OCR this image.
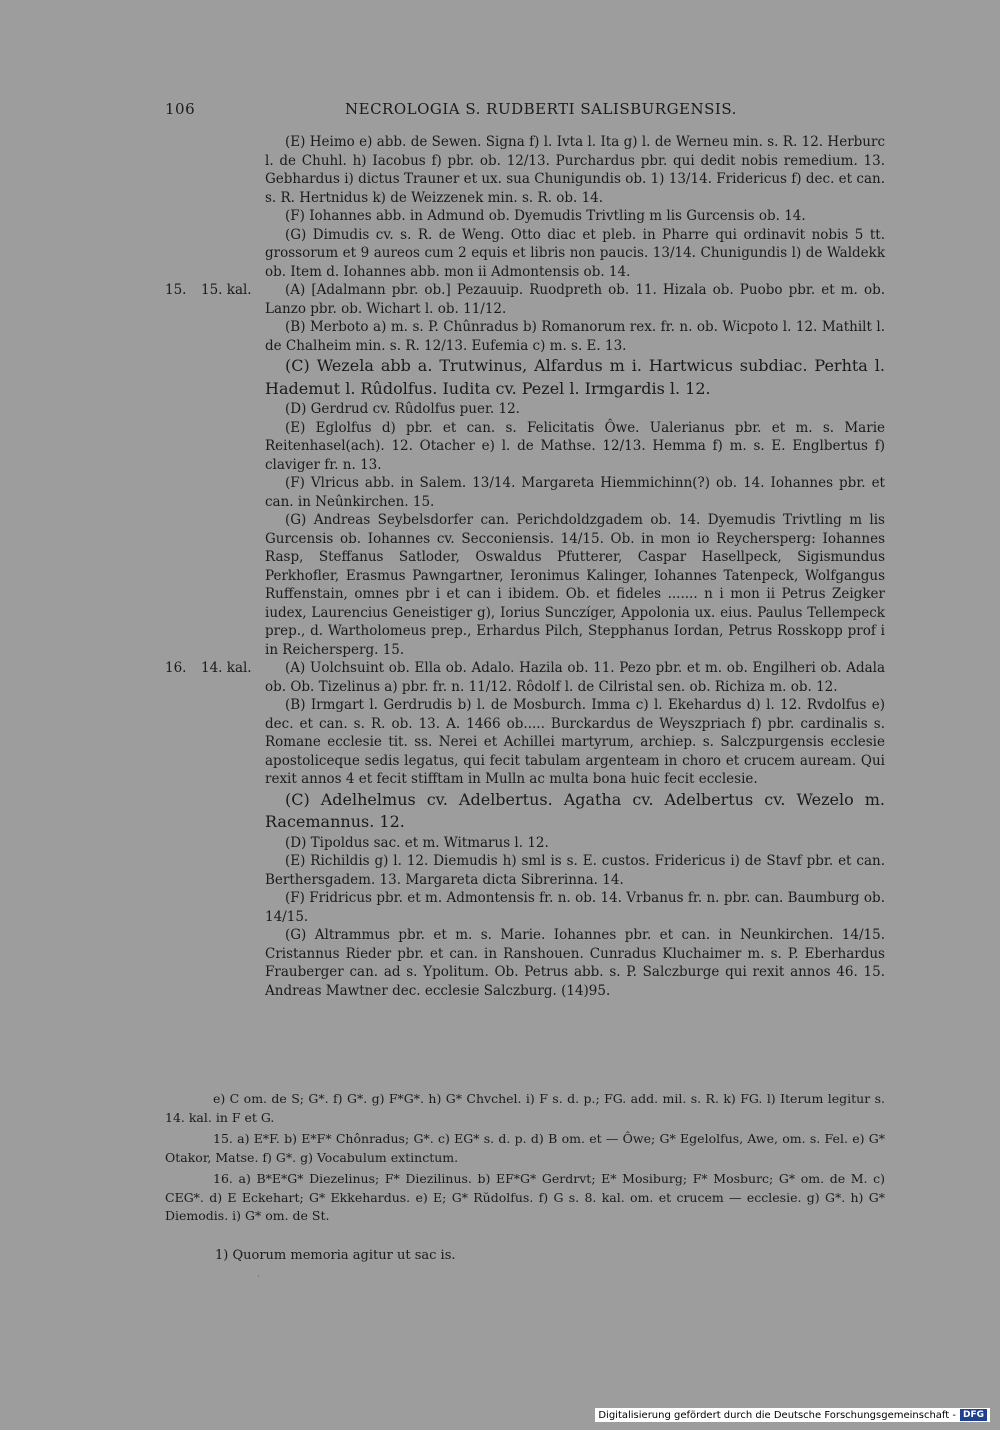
106	NECROLOGIA S. RUDBERTI SALISBURGENSIS.

(E) Heimo e) abb. de Sewen. Signa f) l. Ivta l. Ita g) l. de Werneu min. s. R. 12. Herburc l. de Chuhl. h) Iacobus f) pbr. ob. 12/13. Purchardus pbr. qui dedit nobis remedium. 13. Gebhardus i) dictus Trauner et ux. sua Chunigundis ob. 1) 13/14. Fridericus f) dec. et can. s. R. Hertnidus k) de Weizzenek min. s. R. ob. 14.

(F) Iohannes abb. in Admund ob. Dyemudis Trivtling m lis Gurcensis ob. 14.

(G) Dimudis cv. s. R. de Weng. Otto diac et pleb. in Pharre qui ordinavit nobis 5 tt. grossorum et 9 aureos cum 2 equis et libris non paucis. 13/14. Chunigundis l) de Waldekk ob. Item d. Iohannes abb. mon ii Admontensis ob. 14.

15. 15. kal.	(A) [Adalmann pbr. ob.] Pezauuip. Ruodpreth ob. 11. Hizala ob. Puobo pbr. et m. ob. Lanzo pbr. ob. Wichart l. ob. 11/12.

(B) Merboto a) m. s. P. Chûnradus b) Romanorum rex. fr. n. ob. Wicpoto l. 12. Mathilt l. de Chalheim min. s. R. 12/13. Eufemia c) m. s. E. 13.

(C) Wezela abb a. Trutwinus, Alfardus m i. Hartwicus subdiac. Perhta l. Hademut l. Rûdolfus. Iudita cv. Pezel l. Irmgardis l. 12.

(D) Gerdrud cv. Rûdolfus puer. 12.

(E) Eglolfus d) pbr. et can. s. Felicitatis Ôwe. Ualerianus pbr. et m. s. Marie Reitenhasel(ach). 12. Otacher e) l. de Mathse. 12/13. Hemma f) m. s. E. Englbertus f) claviger fr. n. 13.

(F) Vlricus abb. in Salem. 13/14. Margareta Hiemmichinn(?) ob. 14. Iohannes pbr. et can. in Neûnkirchen. 15.

(G) Andreas Seybelsdorfer can. Perichdoldzgadem ob. 14. Dyemudis Trivtling m lis Gurcensis ob. Iohannes cv. Secconiensis. 14/15. Ob. in mon io Reychersperg: Iohannes Rasp, Steffanus Satloder, Oswaldus Pfutterer, Caspar Hasellpeck, Sigismundus Perkhofler, Erasmus Pawngartner, Ieronimus Kalinger, Iohannes Tatenpeck, Wolfgangus Ruffenstain, omnes pbr i et can i ibidem. Ob. et fideles ....... n i mon ii Petrus Zeigker iudex, Laurencius Geneistiger g), Iorius Sunczíger, Appolonia ux. eius. Paulus Tellempeck prep., d. Wartholomeus prep., Erhardus Pilch, Stepphanus Iordan, Petrus Rosskopp prof i in Reichersperg. 15.

16. 14. kal.	(A) Uolchsuint ob. Ella ob. Adalo. Hazila ob. 11. Pezo pbr. et m. ob. Engilheri ob. Adala ob. Ob. Tizelinus a) pbr. fr. n. 11/12. Rôdolf l. de Cilristal sen. ob. Richiza m. ob. 12.

(B) Irmgart l. Gerdrudis b) l. de Mosburch. Imma c) l. Ekehardus d) l. 12. Rvdolfus e) dec. et can. s. R. ob. 13. A. 1466 ob..... Burckardus de Weyszpriach f) pbr. cardinalis s. Romane ecclesie tit. ss. Nerei et Achillei martyrum, archiep. s. Salczpurgensis ecclesie apostoliceque sedis legatus, qui fecit tabulam argenteam in choro et crucem auream. Qui rexit annos 4 et fecit stifftam in Mulln ac multa bona huic fecit ecclesie.

(C) Adelhelmus cv. Adelbertus. Agatha cv. Adelbertus cv. Wezelo m. Racemannus. 12.

(D) Tipoldus sac. et m. Witmarus l. 12.

(E) Richildis g) l. 12. Diemudis h) sml is s. E. custos. Fridericus i) de Stavf pbr. et can. Berthersgadem. 13. Margareta dicta Sibrerinna. 14.

(F) Fridricus pbr. et m. Admontensis fr. n. ob. 14. Vrbanus fr. n. pbr. can. Baumburg ob. 14/15.

(G) Altrammus pbr. et m. s. Marie. Iohannes pbr. et can. in Neunkirchen. 14/15. Cristannus Rieder pbr. et can. in Ranshouen. Cunradus Kluchaimer m. s. P. Eberhardus Frauberger can. ad s. Ypolitum. Ob. Petrus abb. s. P. Salczburge qui rexit annos 46. 15. Andreas Mawtner dec. ecclesie Salczburg. (14)95.

e) C om. de S; G*. f) G*. g) F*G*. h) G* Chvchel. i) F s. d. p.; FG. add. mil. s. R. k) FG. l) Iterum legitur s. 14. kal. in F et G.

15. a) E*F. b) E*F* Chônradus; G*. c) EG* s. d. p. d) B om. et — Ôwe; G* Egelolfus, Awe, om. s. Fel. e) G* Otakor, Matse. f) G*. g) Vocabulum extinctum.

16. a) B*E*G* Diezelinus; F* Diezilinus. b) EF*G* Gerdrvt; E* Mosiburg; F* Mosburc; G* om. de M. c) CEG*. d) E Eckehart; G* Ekkehardus. e) E; G* Rŭdolfus. f) G s. 8. kal. om. et crucem — ecclesie. g) G*. h) G* Diemodis. i) G* om. de St.

1) Quorum memoria agitur ut sac is.
'
Digitalisierung gefördert durch die Deutsche Forschungsgemeinschaft - DFG
